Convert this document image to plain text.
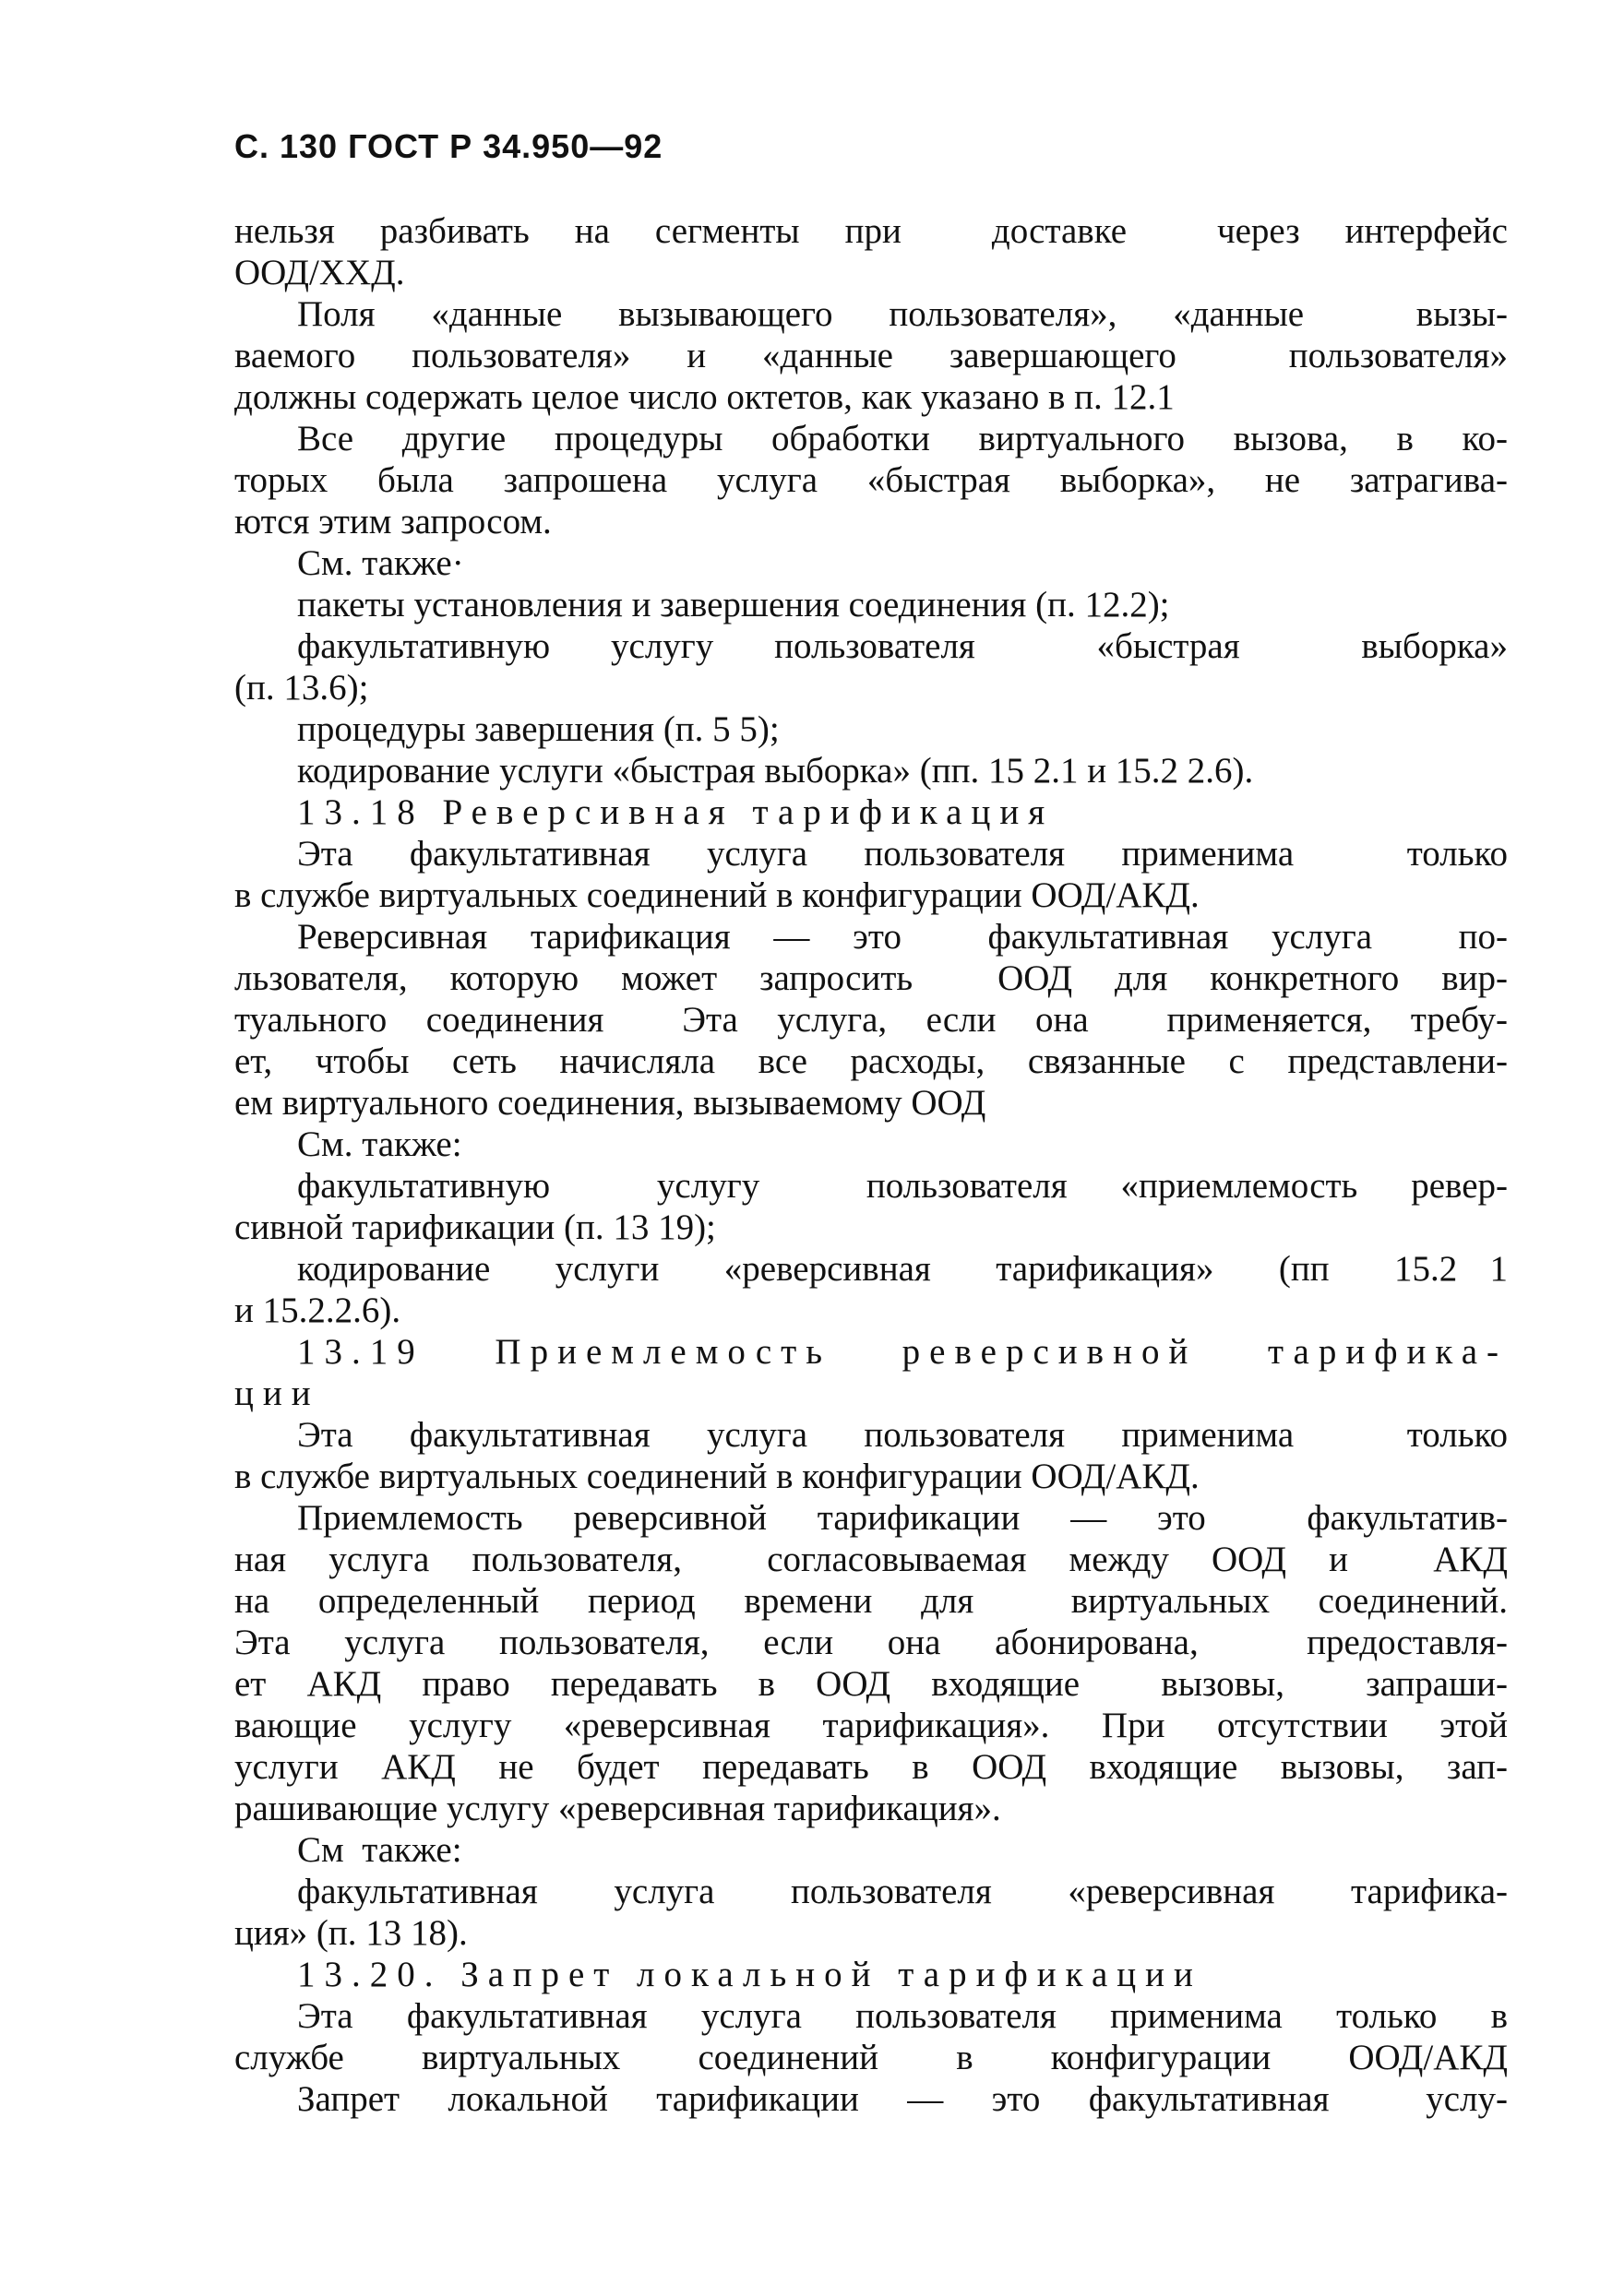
С. 130 ГОСТ Р 34.950—92
нельзя разбивать на сегменты при  доставке  через интерфейс
ООД/ХХД.
Поля «данные вызывающего пользователя», «данные  вызы-
ваемого пользователя» и «данные завершающего  пользователя»
должны содержать целое число октетов, как указано в п. 12.1
Все другие процедуры обработки виртуального вызова, в ко-
торых была запрошена услуга «быстрая выборка», не затрагива-
ются этим запросом.
См. также·
пакеты установления и завершения соединения (п. 12.2);
факультативную услугу пользователя  «быстрая  выборка»
(п. 13.6);
процедуры завершения (п. 5 5);
кодирование услуги «быстрая выборка» (пп. 15 2.1 и 15.2 2.6).
13.18 Реверсивная тарификация
Эта факультативная услуга пользователя применима  только
в службе виртуальных соединений в конфигурации ООД/АКД.
Реверсивная тарификация — это  факультативная услуга  по-
льзователя, которую может запросить  ООД для конкретного вир-
туального соединения  Эта услуга, если она  применяется, требу-
ет, чтобы сеть начисляла все расходы, связанные с представлени-
ем виртуального соединения, вызываемому ООД
См. также:
факультативную  услугу  пользователя «приемлемость ревер-
сивной тарификации (п. 13 19);
кодирование  услуги  «реверсивная  тарификация»  (пп  15.2 1
и 15.2.2.6).
13.19 Приемлемость реверсивной тарифика-
ции
Эта факультативная услуга пользователя применима  только
в службе виртуальных соединений в конфигурации ООД/АКД.
Приемлемость реверсивной тарификации — это  факультатив-
ная услуга пользователя,  согласовываемая между ООД и  АКД
на определенный период времени для  виртуальных соединений.
Эта услуга пользователя, если она абонирована,  предоставля-
ет АКД право передавать в ООД входящие  вызовы,  запраши-
вающие услугу «реверсивная тарификация». При отсутствии этой
услуги АКД не будет передавать в ООД входящие вызовы, зап-
рашивающие услугу «реверсивная тарификация».
См  также:
факультативная услуга пользователя «реверсивная тарифика-
ция» (п. 13 18).
13.20. Запрет локальной тарификации
Эта факультативная услуга пользователя применима только в
службе виртуальных соединений в конфигурации ООД/АКД
Запрет локальной тарификации — это факультативная  услу-
